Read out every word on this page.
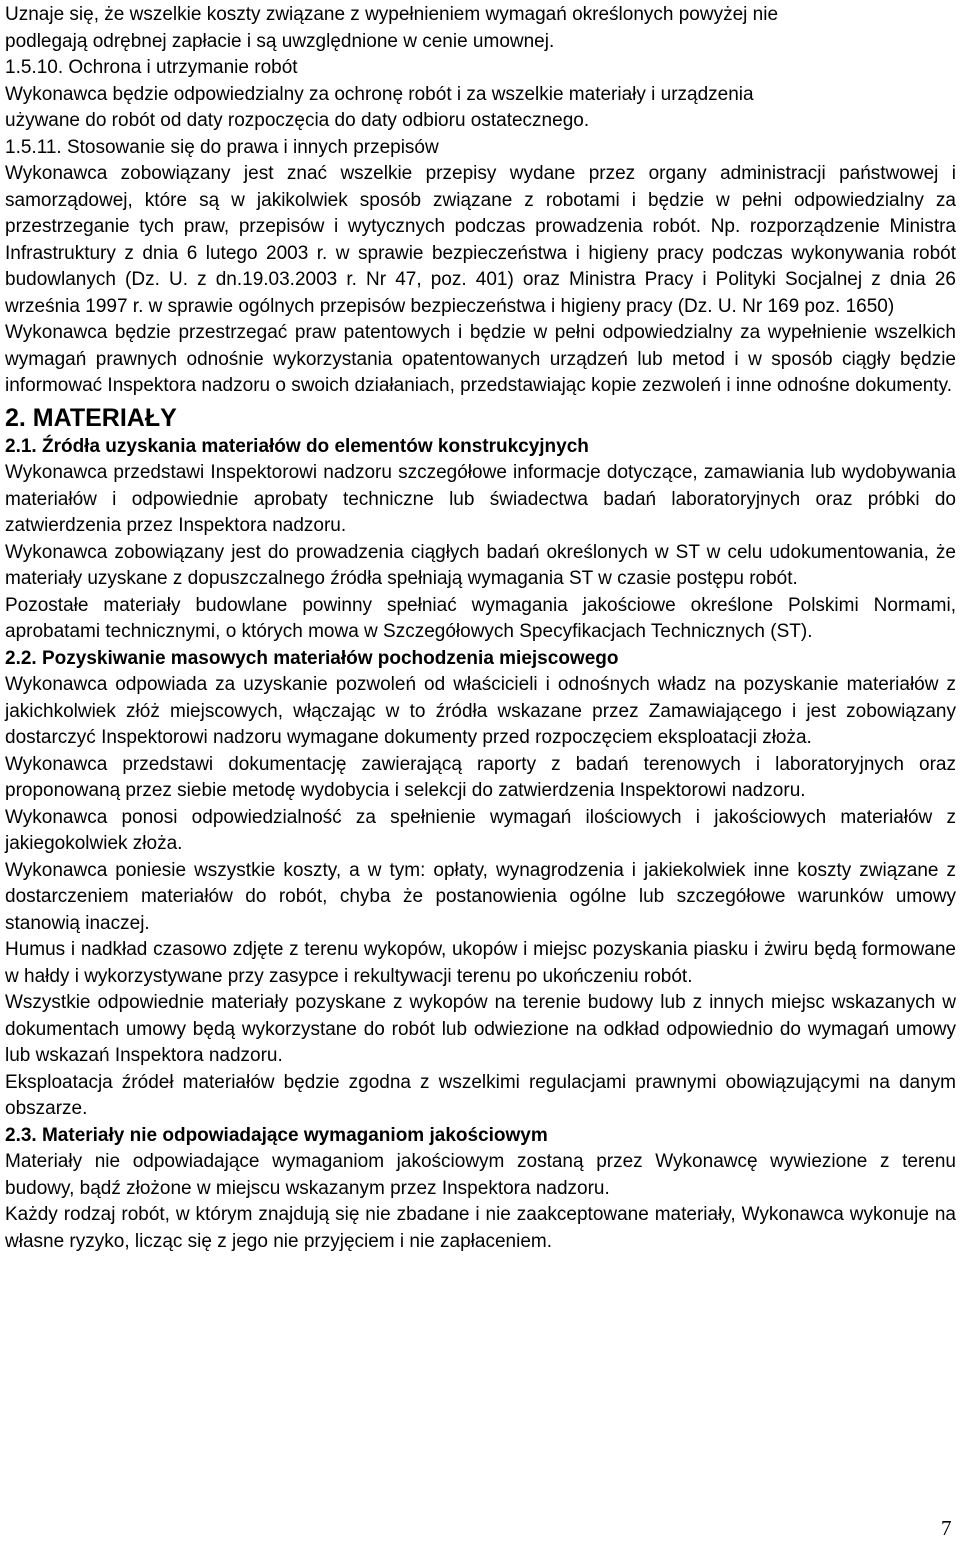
Uznaje się, że wszelkie koszty związane z wypełnieniem wymagań określonych powyżej nie

podlegają odrębnej zapłacie i są uwzględnione w cenie umownej.

1.5.10. Ochrona i utrzymanie robót

Wykonawca będzie odpowiedzialny za ochronę robót i za wszelkie materiały i urządzenia

używane do robót od daty rozpoczęcia do daty odbioru ostatecznego.

1.5.11. Stosowanie się do prawa i innych przepisów

Wykonawca zobowiązany jest znać wszelkie przepisy wydane przez organy administracji państwowej i samorządowej, które są w jakikolwiek sposób związane z robotami i będzie w pełni odpowiedzialny za przestrzeganie tych praw, przepisów i wytycznych podczas prowadzenia robót. Np. rozporządzenie Ministra Infrastruktury z dnia 6 lutego 2003 r. w sprawie bezpieczeństwa i higieny pracy podczas wykonywania robót budowlanych (Dz. U. z dn.19.03.2003 r. Nr 47, poz. 401) oraz Ministra Pracy i Polityki Socjalnej z dnia 26 września 1997 r. w sprawie ogólnych przepisów bezpieczeństwa i higieny pracy (Dz. U. Nr 169 poz. 1650)

Wykonawca będzie przestrzegać praw patentowych i będzie w pełni odpowiedzialny za wypełnienie wszelkich wymagań prawnych odnośnie wykorzystania opatentowanych urządzeń lub metod i w sposób ciągły będzie informować Inspektora nadzoru o swoich działaniach, przedstawiając kopie zezwoleń i inne odnośne dokumenty.

2. MATERIAŁY
2.1. Źródła uzyskania materiałów do elementów konstrukcyjnych

Wykonawca przedstawi Inspektorowi nadzoru szczegółowe informacje dotyczące, zamawiania lub wydobywania materiałów i odpowiednie aprobaty techniczne lub świadectwa badań laboratoryjnych oraz próbki do zatwierdzenia przez Inspektora nadzoru.

Wykonawca zobowiązany jest do prowadzenia ciągłych badań określonych w ST w celu udokumentowania, że materiały uzyskane z dopuszczalnego źródła spełniają wymagania ST w czasie postępu robót.

Pozostałe materiały budowlane powinny spełniać wymagania jakościowe określone Polskimi Normami, aprobatami technicznymi, o których mowa w Szczegółowych Specyfikacjach Technicznych (ST).

2.2. Pozyskiwanie masowych materiałów pochodzenia miejscowego

Wykonawca odpowiada za uzyskanie pozwoleń od właścicieli i odnośnych władz na pozyskanie materiałów z jakichkolwiek złóż miejscowych, włączając w to źródła wskazane przez Zamawiającego i jest zobowiązany dostarczyć Inspektorowi nadzoru wymagane dokumenty przed rozpoczęciem eksploatacji złoża.

Wykonawca przedstawi dokumentację zawierającą raporty z badań terenowych i laboratoryjnych oraz proponowaną przez siebie metodę wydobycia i selekcji do zatwierdzenia Inspektorowi nadzoru.

Wykonawca ponosi odpowiedzialność za spełnienie wymagań ilościowych i jakościowych materiałów z jakiegokolwiek złoża.

Wykonawca poniesie wszystkie koszty, a w tym: opłaty, wynagrodzenia i jakiekolwiek inne koszty związane z dostarczeniem materiałów do robót, chyba że postanowienia ogólne lub szczegółowe warunków umowy stanowią inaczej.

Humus i nadkład czasowo zdjęte z terenu wykopów, ukopów i miejsc pozyskania piasku i żwiru będą formowane w hałdy i wykorzystywane przy zasypce i rekultywacji terenu po ukończeniu robót.

Wszystkie odpowiednie materiały pozyskane z wykopów na terenie budowy lub z innych miejsc wskazanych w dokumentach umowy będą wykorzystane do robót lub odwiezione na odkład odpowiednio do wymagań umowy lub wskazań Inspektora nadzoru.

Eksploatacja źródeł materiałów będzie zgodna z wszelkimi regulacjami prawnymi obowiązującymi na danym obszarze.

2.3. Materiały nie odpowiadające wymaganiom jakościowym

Materiały nie odpowiadające wymaganiom jakościowym zostaną przez Wykonawcę wywiezione z terenu budowy, bądź złożone w miejscu wskazanym przez Inspektora nadzoru.

Każdy rodzaj robót, w którym znajdują się nie zbadane i nie zaakceptowane materiały, Wykonawca wykonuje na własne ryzyko, licząc się z jego nie przyjęciem i nie zapłaceniem.

7
